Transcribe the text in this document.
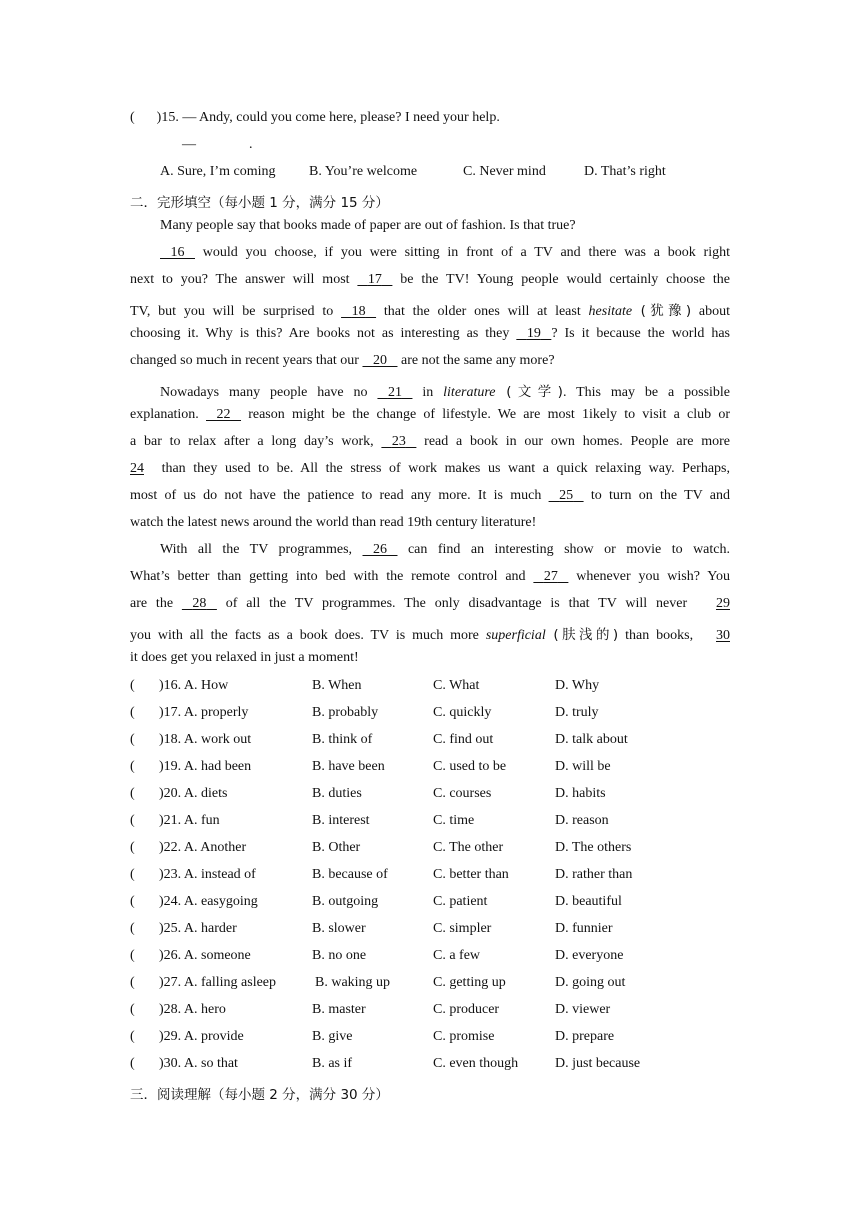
( )15. — Andy, could you come here, please? I need your help.
—	.
A. Sure, I’m coming B. You’re welcome	C. Never mind	D. That’s right
二．完形填空（每小题 1 分，满分 15 分）
Many people say that books made of paper are out of fashion. Is that true?
16 would you choose, if you were sitting in front of a TV and there was a book right
next to you? The answer will most 17 be the TV! Young people would certainly choose the
TV, but you will be surprised to 18 that the older ones will at least hesitate (犹豫) about
choosing it. Why is this? Are books not as interesting as they 19 ? Is it because the world has
changed so much in recent years that our 20 are not the same any more?
Nowadays many people have no 21 in literature (文学). This may be a possible
explanation. 22 reason might be the change of lifestyle. We are most 1ikely to visit a club or
a bar to relax after a long day’s work, 23 read a book in our own homes. People are more
24 than they used to be. All the stress of work makes us want a quick relaxing way. Perhaps,
most of us do not have the patience to read any more. It is much 25 to turn on the TV and
watch the latest news around the world than read 19th century literature!
With all the TV programmes, 26 can find an interesting show or movie to watch.
What’s better than getting into bed with the remote control and 27 whenever you wish? You
are the 28 of all the TV programmes. The only disadvantage is that TV will never 29
you with all the facts as a book does. TV is much more superficial (肤浅的) than books, 30
it does get you relaxed in just a moment!
( )16. A. How	B. When	C. What	D. Why
( )17. A. properly	B. probably	C. quickly	D. truly
( )18. A. work out	B. think of	C. find out	D. talk about
( )19. A. had been	B. have been	C. used to be	D. will be
( )20. A. diets	B. duties	C. courses	D. habits
( )21. A. fun	B. interest	C. time	D. reason
( )22. A. Another	B. Other	C. The other	D. The others
( )23. A. instead of	B. because of	C. better than	D. rather than
( )24. A. easygoing	B. outgoing	C. patient	D. beautiful
( )25. A. harder	B. slower	C. simpler	D. funnier
( )26. A. someone	B. no one	C. a few	D. everyone
( )27. A. falling asleep	B. waking up	C. getting up	D. going out
( )28. A. hero	B. master	C. producer	D. viewer
( )29. A. provide	B. give	C. promise	D. prepare
( )30. A. so that	B. as if	C. even though	D. just because
三．阅读理解（每小题 2 分，满分 30 分）
